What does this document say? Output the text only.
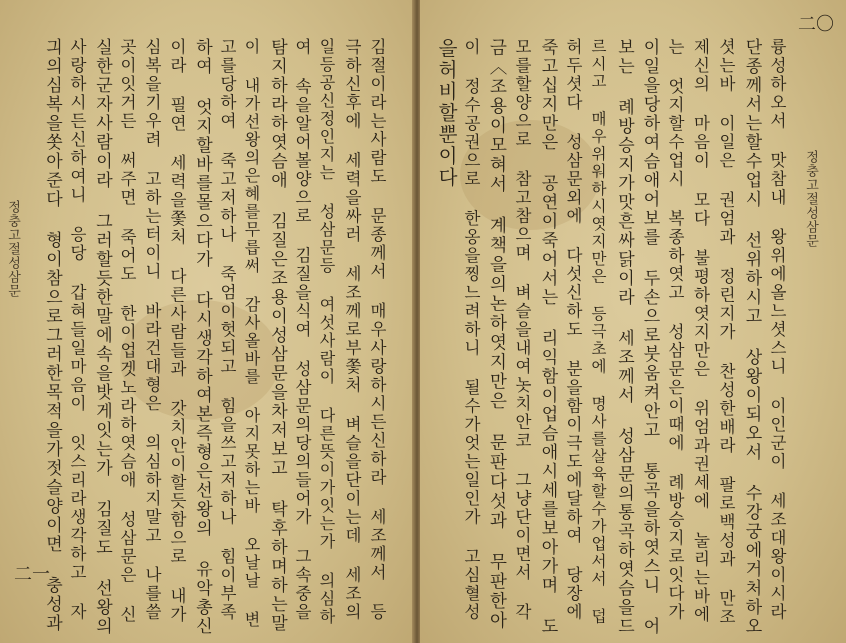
정충고절성삼문
二一	김절이라는사람도 문종께서 매우사랑하시든신하라 세조께서 등
극하신후에 세력을싸러 세조께로부쫓처 벼슬을단이는데 세조의
일등공신정인지는 성삼문등 여섯사람이 다른뜻이가잇는가 의심하
여 속을알어볼양으로 김질을식여 성삼문의당의들어가 그속중을
탐지하라하엿슴애 김질은조용이성삼문을차저보고 탁후하며하는말
이 내가선왕의은혜를무릅써 감사올바를 아지못하는바 오날날 변
고를당하여 죽고저하나 죽엄이헛되고 힘을쓰고저하나 힘이부족
하여 엇지할바를몰으다가 다시생각하여본즉형은선왕의 유악총신
이라 필연 세력을쫓처 다른사람들과 갓치안이할듯함으로 내가
심복을기우려 고하는터이니 바라건대형은 의심하지말고 나를쓸
곳이잇거든 써주면 죽어도 한이업겟노라하엿슴애 성삼문은 신
실한군자사람이라 그러할듯한말에속을밧게잇는가 김질도 선왕의
사랑하시든신하여니 응당 갑혀들일마음이 잇스리라생각하고 자
긔의심복을쏫아준다 형이참으로그러한목적을가젓슬양이면 충성과	정충고절성삼문
二〇
륭성하오서 맛참내 왕위에올느셧스니 이인군이 세조대왕이시라
단종께서는할수업시 선위하시고 상왕이되오서 수강궁에거처하오
셧는바 이일은 권엄과 정린지가 찬성한배라 팔로백성과 만조
제신의 마음이 모다 불평하엿지만은 위엄과권세에 눌리는바에
는 엇지할수업시 복종하엿고 성삼문은이때에 례방승지로잇다가
이일을당하여슴애어보를 두손으로붓움켜안고 통곡을하엿스니 어
보는 례방승지가맛흔싸닭이라 세조께서 성삼문의통곡하엿슴을드
르시고 매우위워하시엿지만은 등극초에 명사를살육할수가업서서 덥
허두셧다 성삼문외에 다섯신하도 분을함이극도에달하여 당장에
죽고십지만은 공연이죽어서는 리익함이업슴애시세를보아가며 도
모를할양으로 참고참으며 벼슬을내여놋치안코 그냥단이면서 각
금〈조용이모혀서 계책을의논하엿지만은 문판다섯과 무판한아
이 정수공권으로 한옹을찡느려하니 될수가엇는일인가 고심혈성
을허비할뿐이다
